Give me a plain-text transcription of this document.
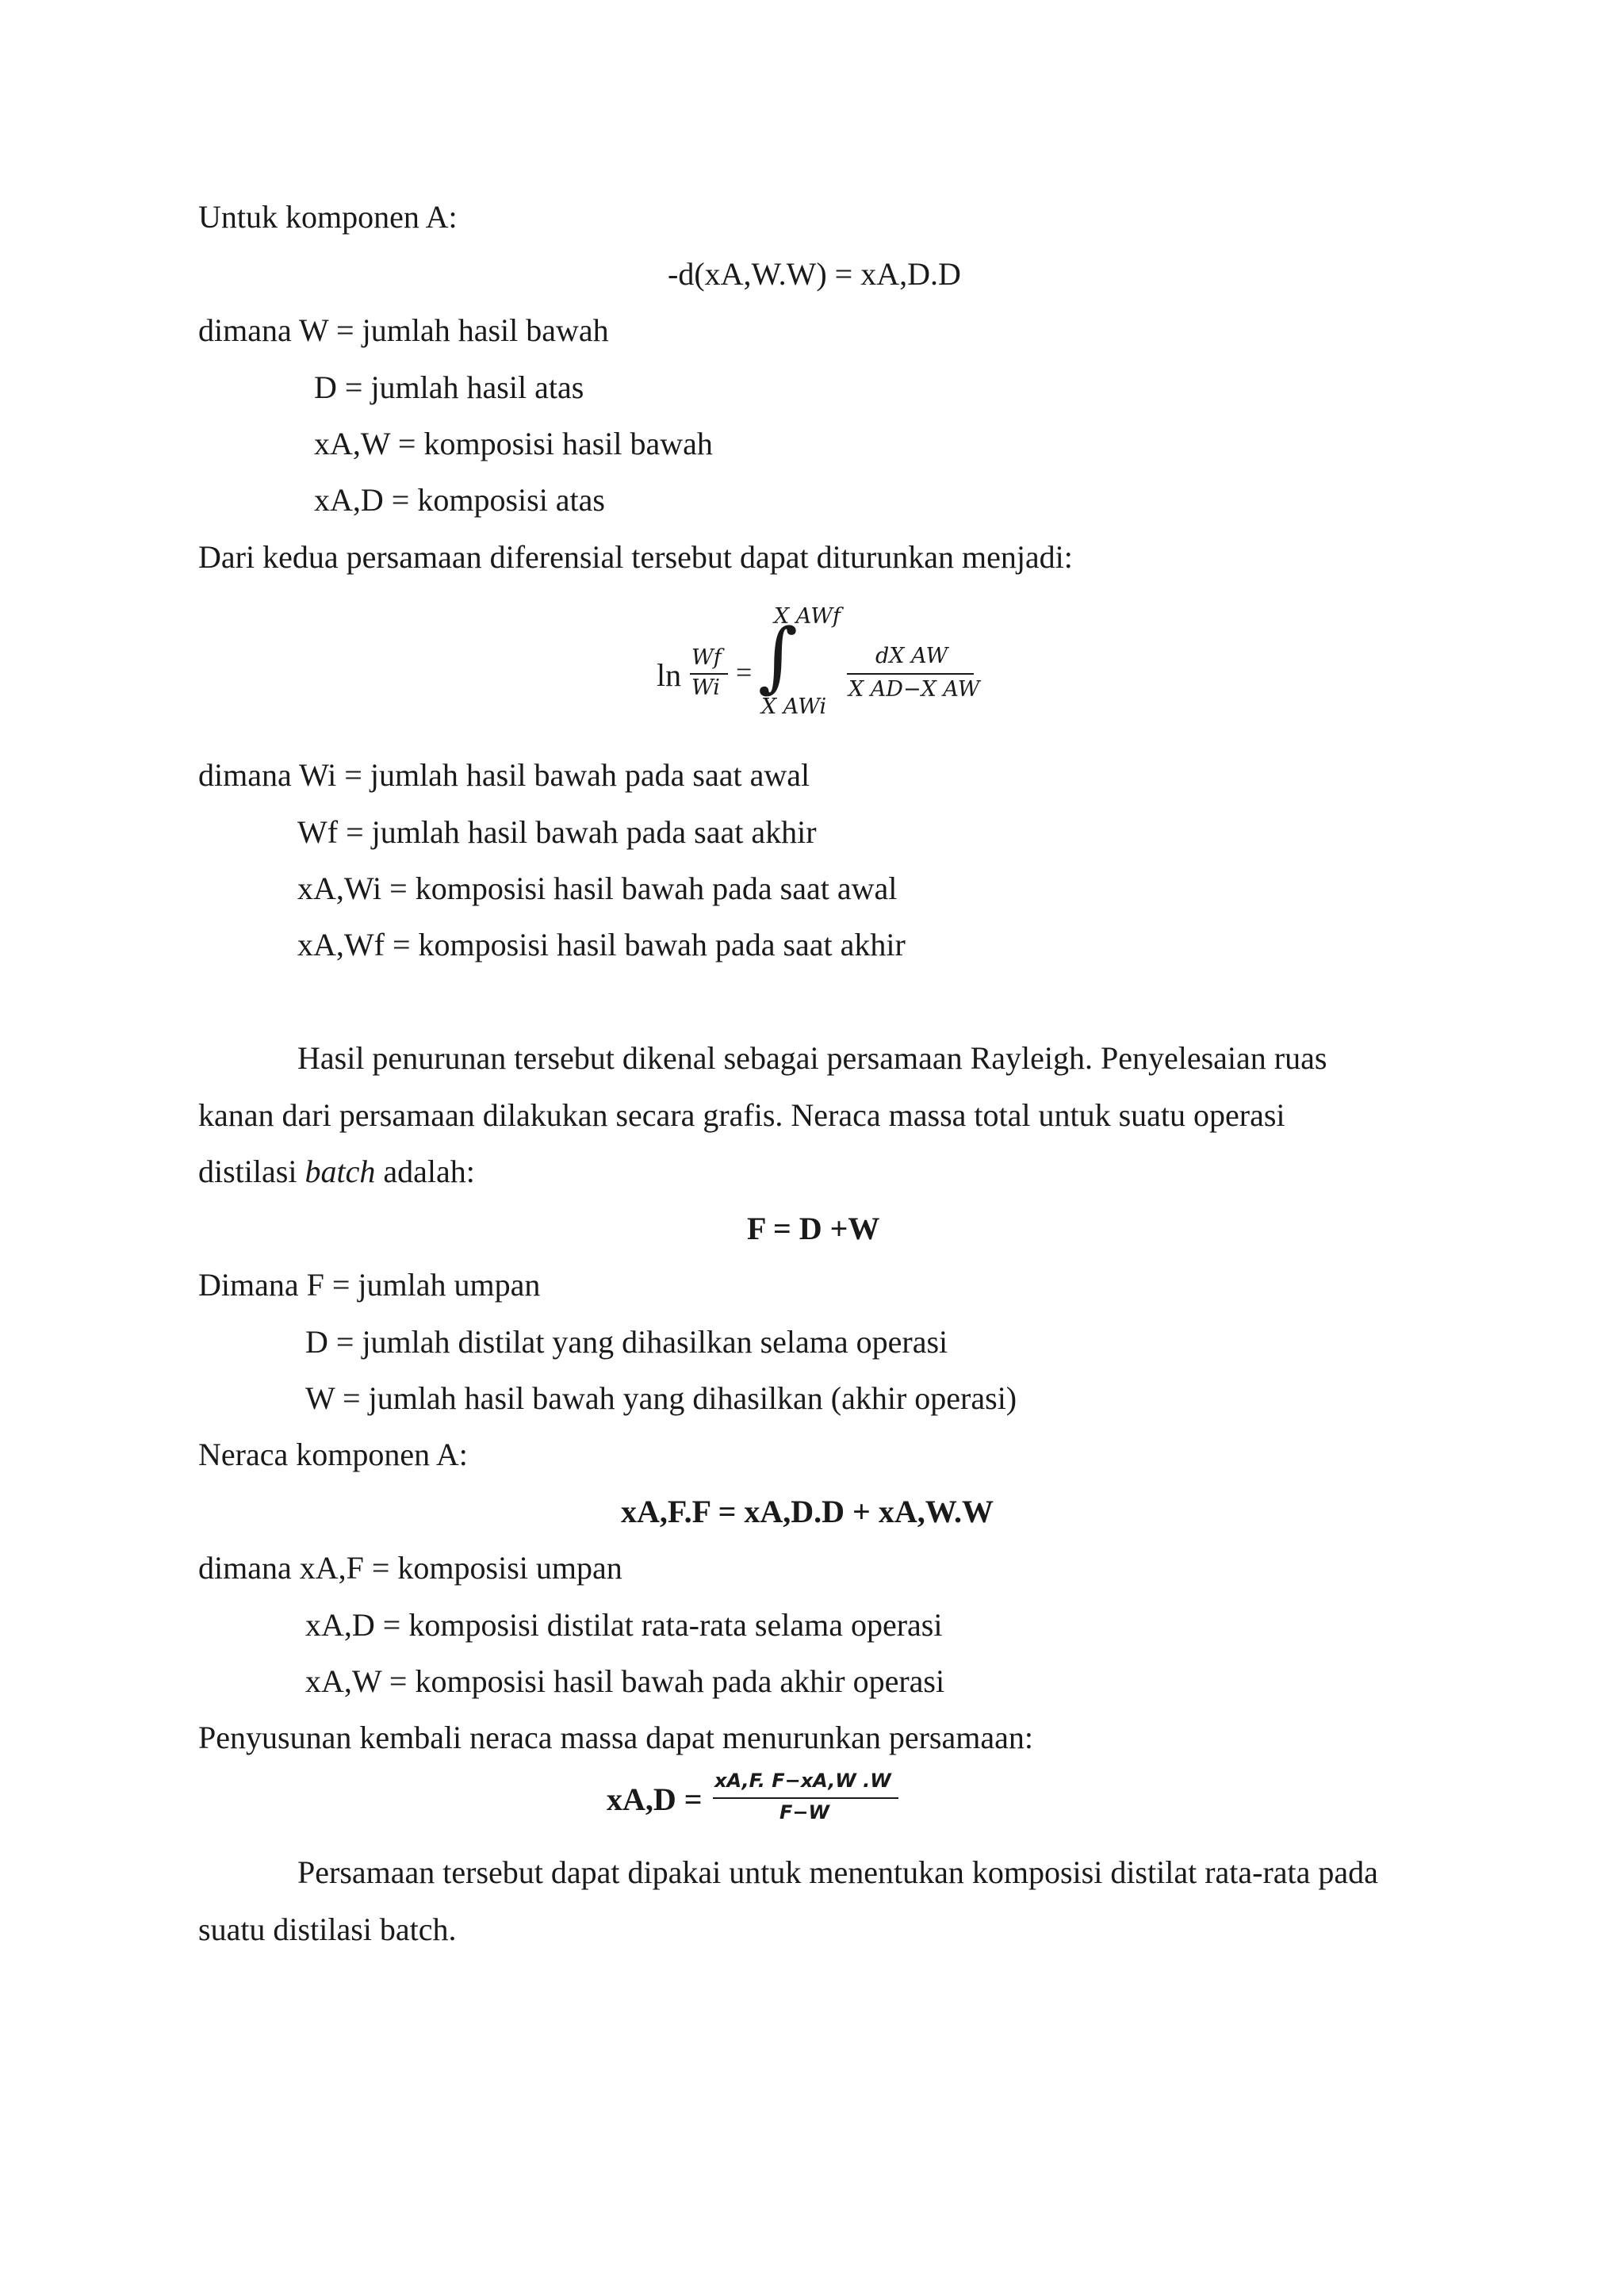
Untuk komponen A:
-d(xA,W.W) = xA,D.D
dimana W = jumlah hasil bawah
D = jumlah hasil atas
xA,W = komposisi hasil bawah
xA,D = komposisi atas
Dari kedua persamaan diferensial tersebut dapat diturunkan menjadi:
ln Wf
Wi = ∫
X AWf
X AWi
dX AW
X AD−X AW
dimana Wi = jumlah hasil bawah pada saat awal
Wf = jumlah hasil bawah pada saat akhir
xA,Wi = komposisi hasil bawah pada saat awal
xA,Wf = komposisi hasil bawah pada saat akhir
Hasil penurunan tersebut dikenal sebagai persamaan Rayleigh. Penyelesaian ruas
kanan dari persamaan dilakukan secara grafis. Neraca massa total untuk suatu operasi
distilasi batch adalah:
F = D +W
Dimana F = jumlah umpan
D = jumlah distilat yang dihasilkan selama operasi
W = jumlah hasil bawah yang dihasilkan (akhir operasi)
Neraca komponen A:
xA,F.F = xA,D.D + xA,W.W
dimana xA,F = komposisi umpan
xA,D = komposisi distilat rata-rata selama operasi
xA,W = komposisi hasil bawah pada akhir operasi
Penyusunan kembali neraca massa dapat menurunkan persamaan:
xA,D =
xA,F. F−xA,W .W
F−W
Persamaan tersebut dapat dipakai untuk menentukan komposisi distilat rata-rata pada
suatu distilasi batch.
